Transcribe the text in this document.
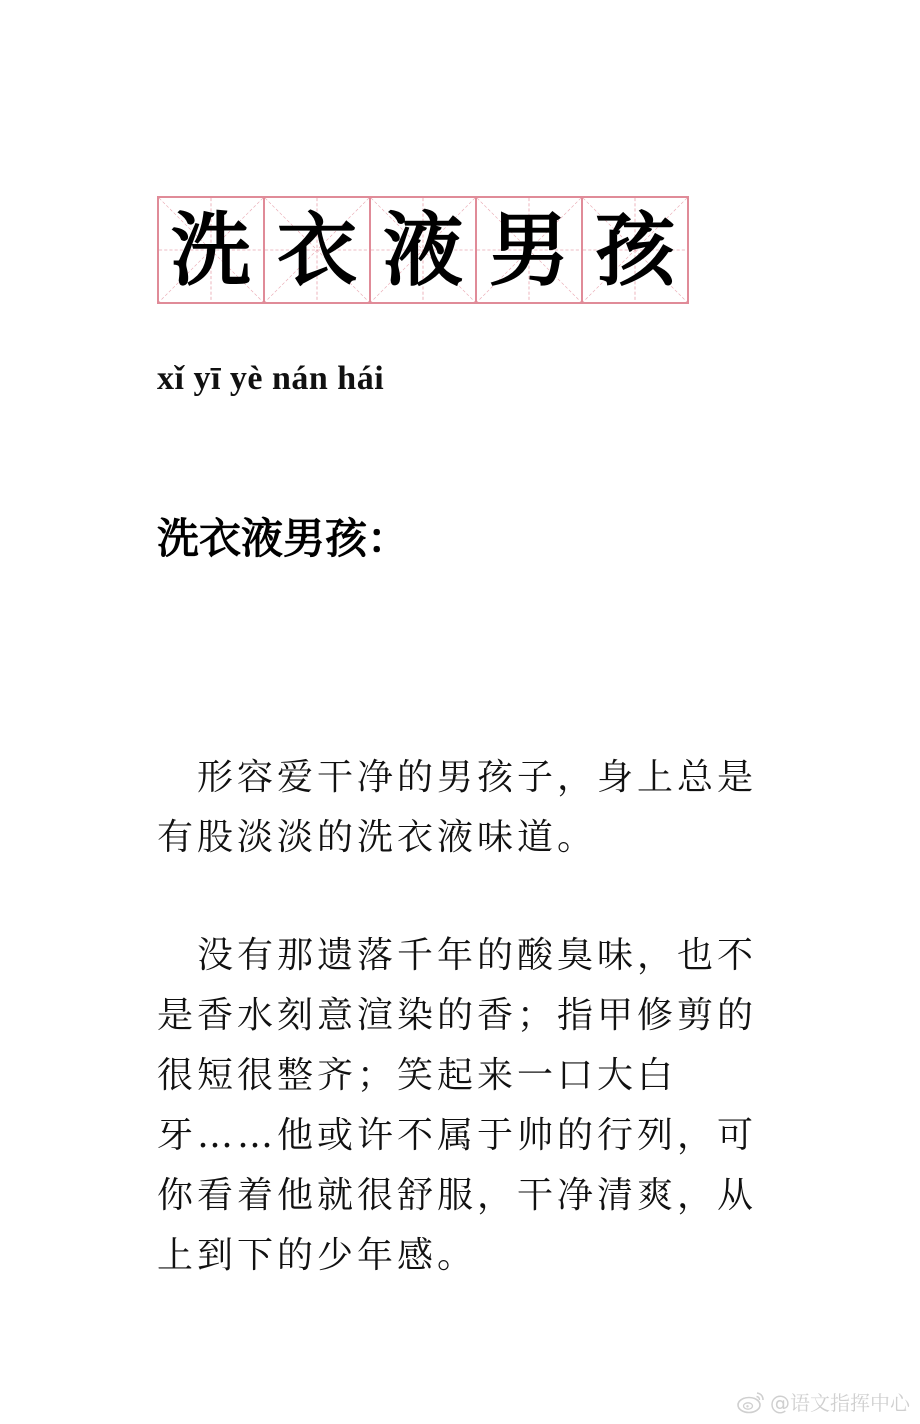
洗 衣 液 男 孩
xǐ yī yè nán hái
洗衣液男孩：

形容爱干净的男孩子，身上总是有股淡淡的洗衣液味道。

没有那遗落千年的酸臭味，也不是香水刻意渲染的香；指甲修剪的很短很整齐；笑起来一口大白牙……他或许不属于帅的行列，可你看着他就很舒服，干净清爽，从上到下的少年感。

@语文指挥中心
